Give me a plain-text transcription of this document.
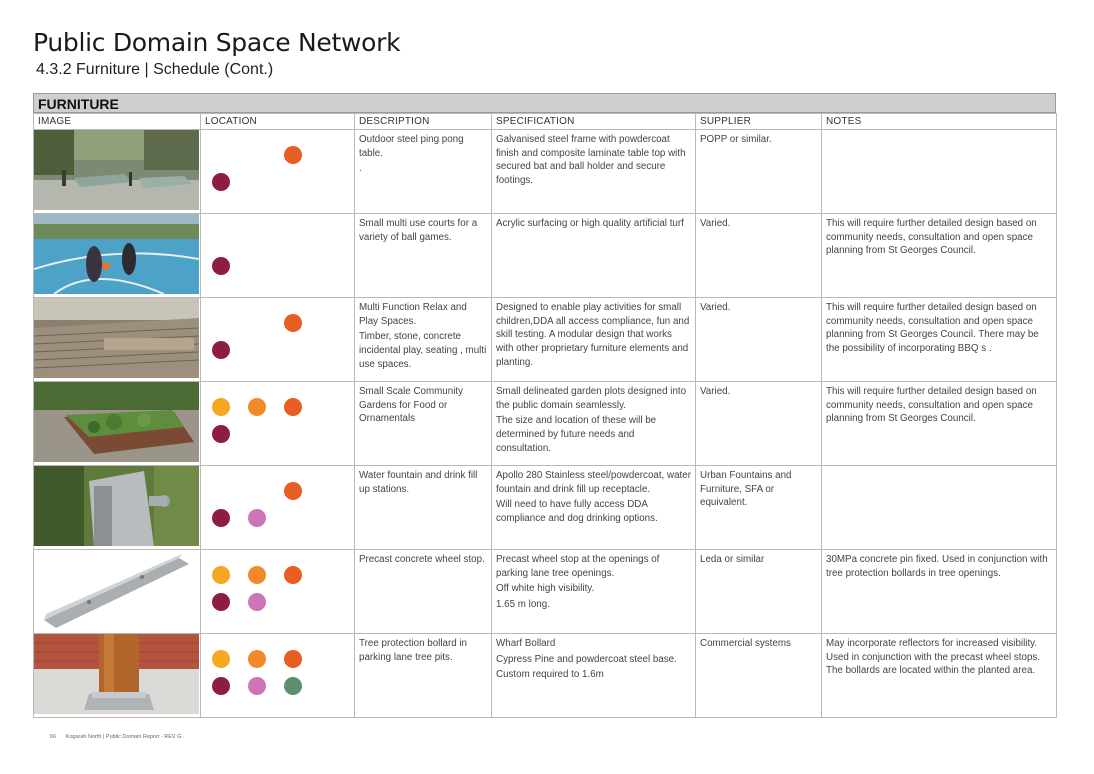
Public Domain Space Network
4.3.2 Furniture | Schedule (Cont.)
FURNITURE
IMAGE	LOCATION	DESCRIPTION	SPECIFICATION	SUPPLIER	NOTES

Outdoor steel ping pong table.
.	Galvanised steel frame with powdercoat finish and composite laminate table top with secured bat and ball holder and secure footings.	POPP or similar.	

Small multi use courts for a variety of ball games.	Acrylic surfacing or high quality artificial turf	Varied.	This will require further detailed design based on community needs, consultation and open space planning from St Georges Council.

Multi Function Relax and Play Spaces.
Timber, stone, concrete incidental play, seating , multi use spaces.	Designed to enable play activities for small children,DDA all access compliance, fun and skill testing. A modular design that works with other proprietary furniture elements and planting.	Varied.	This will require further detailed design based on community needs, consultation and open space planning from St Georges Council. There may be the possibility of incorporating BBQ s .

Small Scale Community Gardens for Food or Ornamentals	Small delineated garden plots designed into the public domain seamlessly.
The size and location of these will be determined by future needs and consultation.	Varied.	This will require further detailed design based on community needs, consultation and open space planning from St Georges Council.

Water fountain and drink fill up stations.	Apollo 280 Stainless steel/powdercoat, water fountain and drink fill up receptacle.
Will need to have fully access DDA compliance and dog drinking options.	Urban Fountains and Furniture, SFA or equivalent.	

Precast concrete wheel stop.	Precast wheel stop at the openings of parking lane tree openings.
Off white high visibility.
1.65 m long.	Leda or similar	30MPa concrete pin fixed. Used in conjunction with tree protection bollards in tree openings.

Tree protection bollard in parking lane tree pits.	Wharf Bollard
Cypress Pine and powdercoat steel base.
Custom required to 1.6m	Commercial systems	May incorporate reflectors for increased visibility. Used in conjunction with the precast wheel stops. The bollards are located within the planted area.
66 Kogarah North | Public Domain Report - REV G
